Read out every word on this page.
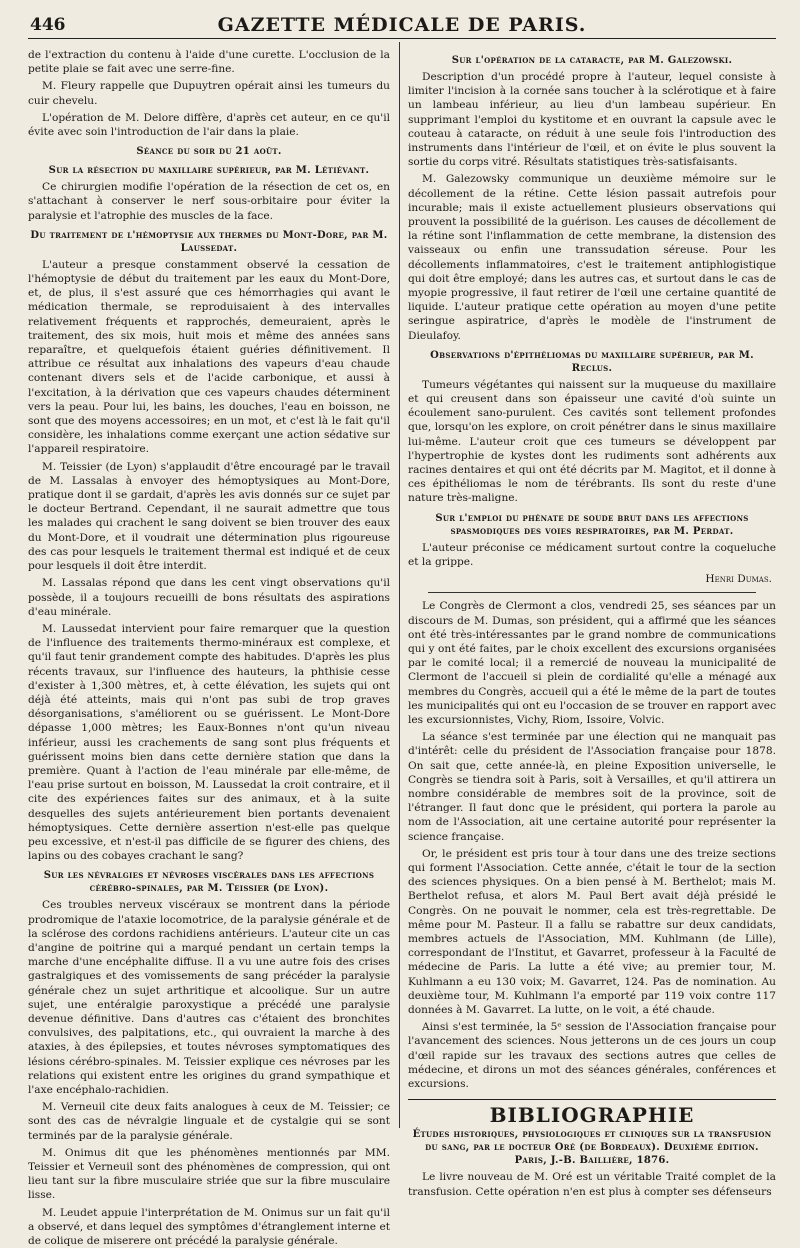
446	GAZETTE MÉDICALE DE PARIS.

de l'extraction du contenu à l'aide d'une curette. L'occlusion de la petite plaie se fait avec une serre-fine.

M. Fleury rappelle que Dupuytren opérait ainsi les tumeurs du cuir chevelu.

L'opération de M. Delore diffère, d'après cet auteur, en ce qu'il évite avec soin l'introduction de l'air dans la plaie.

Séance du soir du 21 août.
Sur la résection du maxillaire supérieur, par M. Létiévant.

Ce chirurgien modifie l'opération de la résection de cet os, en s'attachant à conserver le nerf sous-orbitaire pour éviter la paralysie et l'atrophie des muscles de la face.

Du traitement de l'hémoptysie aux thermes du Mont-Dore, par M. Laussedat.

L'auteur a presque constamment observé la cessation de l'hémoptysie de début du traitement par les eaux du Mont-Dore, et, de plus, il s'est assuré que ces hémorrhagies qui avant le médication thermale, se reproduisaient à des intervalles relativement fréquents et rapprochés, demeuraient, après le traitement, des six mois, huit mois et même des années sans reparaître, et quelquefois étaient guéries définitivement. Il attribue ce résultat aux inhalations des vapeurs d'eau chaude contenant divers sels et de l'acide carbonique, et aussi à l'excitation, à la dérivation que ces vapeurs chaudes déterminent vers la peau. Pour lui, les bains, les douches, l'eau en boisson, ne sont que des moyens accessoires; en un mot, et c'est là le fait qu'il considère, les inhalations comme exerçant une action sédative sur l'appareil respiratoire.

M. Teissier (de Lyon) s'applaudit d'être encouragé par le travail de M. Lassalas à envoyer des hémoptysiques au Mont-Dore, pratique dont il se gardait, d'après les avis donnés sur ce sujet par le docteur Bertrand. Cependant, il ne saurait admettre que tous les malades qui crachent le sang doivent se bien trouver des eaux du Mont-Dore, et il voudrait une détermination plus rigoureuse des cas pour lesquels le traitement thermal est indiqué et de ceux pour lesquels il doit être interdit.

M. Lassalas répond que dans les cent vingt observations qu'il possède, il a toujours recueilli de bons résultats des aspirations d'eau minérale.

M. Laussedat intervient pour faire remarquer que la question de l'influence des traitements thermo-minéraux est complexe, et qu'il faut tenir grandement compte des habitudes. D'après les plus récents travaux, sur l'influence des hauteurs, la phthisie cesse d'exister à 1,300 mètres, et, à cette élévation, les sujets qui ont déjà été atteints, mais qui n'ont pas subi de trop graves désorganisations, s'améliorent ou se guérissent. Le Mont-Dore dépasse 1,000 mètres; les Eaux-Bonnes n'ont qu'un niveau inférieur, aussi les crachements de sang sont plus fréquents et guérissent moins bien dans cette dernière station que dans la première. Quant à l'action de l'eau minérale par elle-même, de l'eau prise surtout en boisson, M. Laussedat la croit contraire, et il cite des expériences faites sur des animaux, et à la suite desquelles des sujets antérieurement bien portants devenaient hémoptysiques. Cette dernière assertion n'est-elle pas quelque peu excessive, et n'est-il pas difficile de se figurer des chiens, des lapins ou des cobayes crachant le sang?

Sur les névralgies et névroses viscérales dans les affections cérébro-spinales, par M. Teissier (de Lyon).

Ces troubles nerveux viscéraux se montrent dans la période prodromique de l'ataxie locomotrice, de la paralysie générale et de la sclérose des cordons rachidiens antérieurs. L'auteur cite un cas d'angine de poitrine qui a marqué pendant un certain temps la marche d'une encéphalite diffuse. Il a vu une autre fois des crises gastralgiques et des vomissements de sang précéder la paralysie générale chez un sujet arthritique et alcoolique. Sur un autre sujet, une entéralgie paroxystique a précédé une paralysie devenue définitive. Dans d'autres cas c'étaient des bronchites convulsives, des palpitations, etc., qui ouvraient la marche à des ataxies, à des épilepsies, et toutes névroses symptomatiques des lésions cérébro-spinales. M. Teissier explique ces névroses par les relations qui existent entre les origines du grand sympathique et l'axe encéphalo-rachidien.

M. Verneuil cite deux faits analogues à ceux de M. Teissier; ce sont des cas de névralgie linguale et de cystalgie qui se sont terminés par de la paralysie générale.

M. Onimus dit que les phénomènes mentionnés par MM. Teissier et Verneuil sont des phénomènes de compression, qui ont lieu tant sur la fibre musculaire striée que sur la fibre musculaire lisse.

M. Leudet appuie l'interprétation de M. Onimus sur un fait qu'il a observé, et dans lequel des symptômes d'étranglement interne et de colique de miserere ont précédé la paralysie générale.

Sur l'opération de la cataracte, par M. Galezowski.

Description d'un procédé propre à l'auteur, lequel consiste à limiter l'incision à la cornée sans toucher à la sclérotique et à faire un lambeau inférieur, au lieu d'un lambeau supérieur. En supprimant l'emploi du kystitome et en ouvrant la capsule avec le couteau à cataracte, on réduit à une seule fois l'introduction des instruments dans l'intérieur de l'œil, et on évite le plus souvent la sortie du corps vitré. Résultats statistiques très-satisfaisants.

M. Galezowsky communique un deuxième mémoire sur le décollement de la rétine. Cette lésion passait autrefois pour incurable; mais il existe actuellement plusieurs observations qui prouvent la possibilité de la guérison. Les causes de décollement de la rétine sont l'inflammation de cette membrane, la distension des vaisseaux ou enfin une transsudation séreuse. Pour les décollements inflammatoires, c'est le traitement antiphlogistique qui doit être employé; dans les autres cas, et surtout dans le cas de myopie progressive, il faut retirer de l'œil une certaine quantité de liquide. L'auteur pratique cette opération au moyen d'une petite seringue aspiratrice, d'après le modèle de l'instrument de Dieulafoy.

Observations d'épithéliomas du maxillaire supérieur, par M. Reclus.

Tumeurs végétantes qui naissent sur la muqueuse du maxillaire et qui creusent dans son épaisseur une cavité d'où suinte un écoulement sano-purulent. Ces cavités sont tellement profondes que, lorsqu'on les explore, on croit pénétrer dans le sinus maxillaire lui-même. L'auteur croit que ces tumeurs se développent par l'hypertrophie de kystes dont les rudiments sont adhérents aux racines dentaires et qui ont été décrits par M. Magitot, et il donne à ces épithéliomas le nom de térébrants. Ils sont du reste d'une nature très-maligne.

Sur l'emploi du phénate de soude brut dans les affections spasmodiques des voies respiratoires, par M. Perdat.

L'auteur préconise ce médicament surtout contre la coqueluche et la grippe.

Henri Dumas.

Le Congrès de Clermont a clos, vendredi 25, ses séances par un discours de M. Dumas, son président, qui a affirmé que les séances ont été très-intéressantes par le grand nombre de communications qui y ont été faites, par le choix excellent des excursions organisées par le comité local; il a remercié de nouveau la municipalité de Clermont de l'accueil si plein de cordialité qu'elle a ménagé aux membres du Congrès, accueil qui a été le même de la part de toutes les municipalités qui ont eu l'occasion de se trouver en rapport avec les excursionnistes, Vichy, Riom, Issoire, Volvic.

La séance s'est terminée par une élection qui ne manquait pas d'intérêt: celle du président de l'Association française pour 1878. On sait que, cette année-là, en pleine Exposition universelle, le Congrès se tiendra soit à Paris, soit à Versailles, et qu'il attirera un nombre considérable de membres soit de la province, soit de l'étranger. Il faut donc que le président, qui portera la parole au nom de l'Association, ait une certaine autorité pour représenter la science française.

Or, le président est pris tour à tour dans une des treize sections qui forment l'Association. Cette année, c'était le tour de la section des sciences physiques. On a bien pensé à M. Berthelot; mais M. Berthelot refusa, et alors M. Paul Bert avait déjà présidé le Congrès. On ne pouvait le nommer, cela est très-regrettable. De même pour M. Pasteur. Il a fallu se rabattre sur deux candidats, membres actuels de l'Association, MM. Kuhlmann (de Lille), correspondant de l'Institut, et Gavarret, professeur à la Faculté de médecine de Paris. La lutte a été vive; au premier tour, M. Kuhlmann a eu 130 voix; M. Gavarret, 124. Pas de nomination. Au deuxième tour, M. Kuhlmann l'a emporté par 119 voix contre 117 données à M. Gavarret. La lutte, on le voit, a été chaude.

Ainsi s'est terminée, la 5ᵉ session de l'Association française pour l'avancement des sciences. Nous jetterons un de ces jours un coup d'œil rapide sur les travaux des sections autres que celles de médecine, et dirons un mot des séances générales, conférences et excursions.

BIBLIOGRAPHIE
Études historiques, physiologiques et cliniques sur la transfusion du sang, par le docteur Oré (de Bordeaux). Deuxième édition. Paris, J.-B. Baillière, 1876.

Le livre nouveau de M. Oré est un véritable Traité complet de la transfusion. Cette opération n'en est plus à compter ses défenseurs
